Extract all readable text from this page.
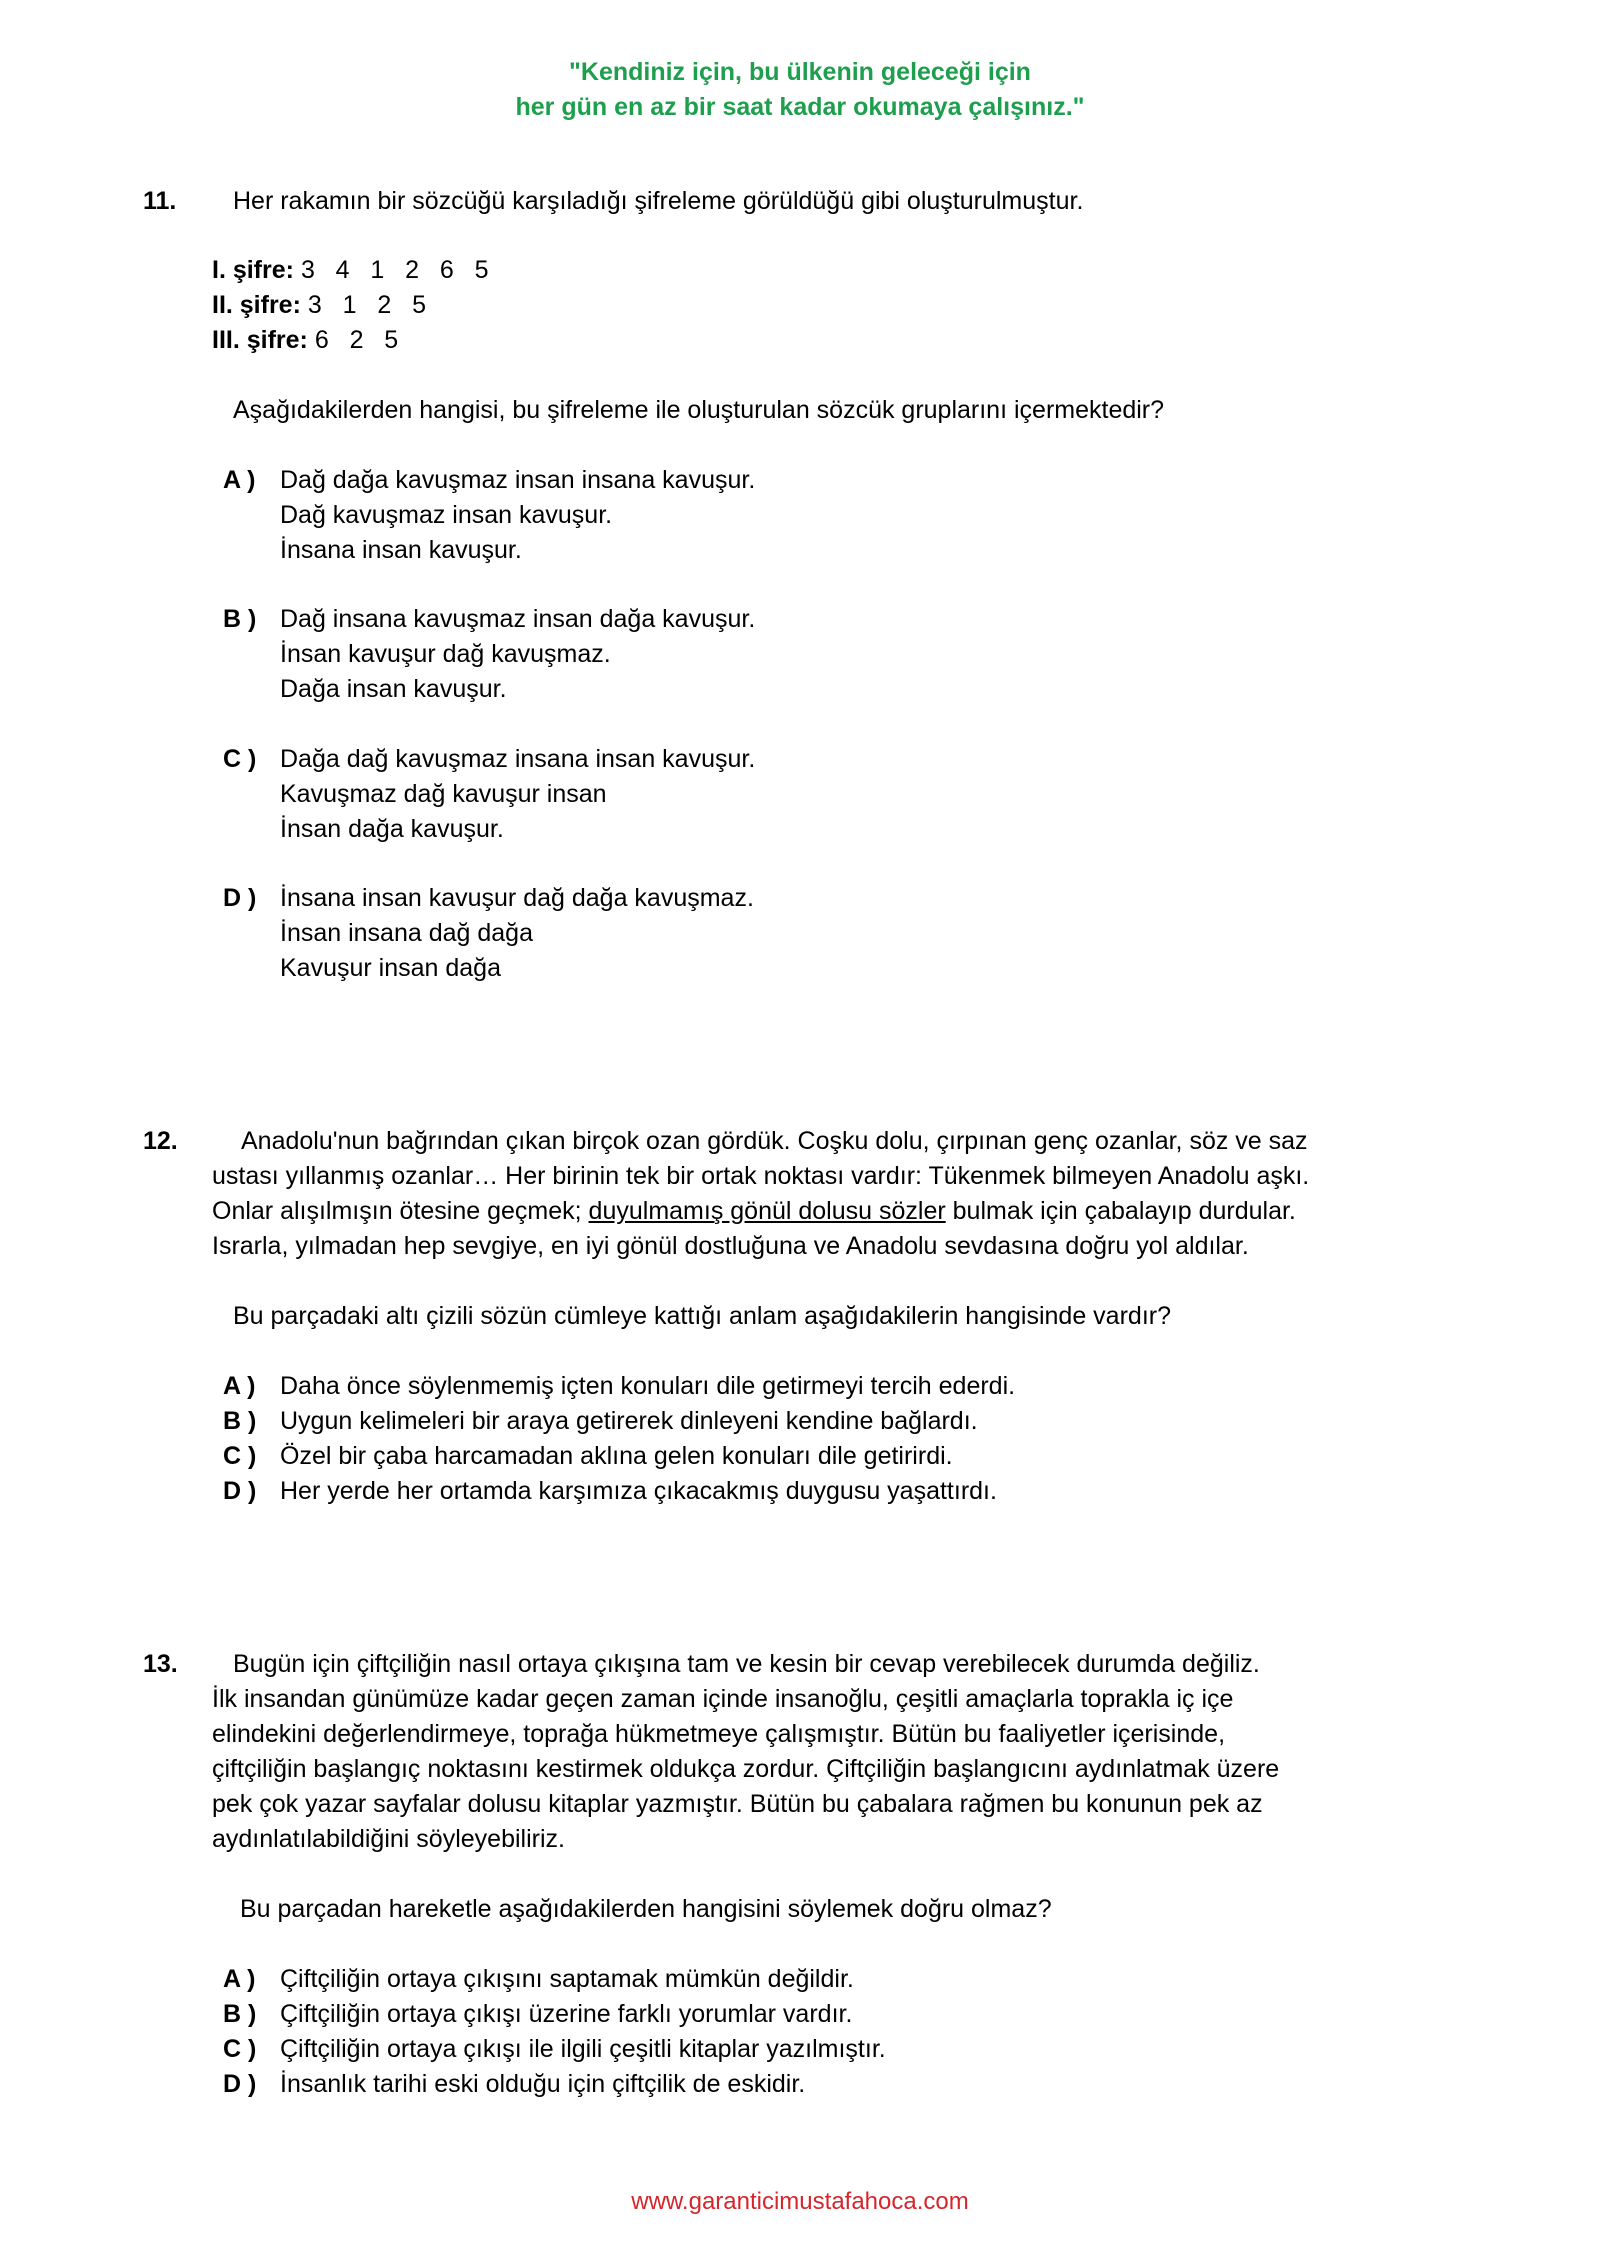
"Kendiniz için, bu ülkenin geleceği için
her gün en az bir saat kadar okumaya çalışınız."
11. Her rakamın bir sözcüğü karşıladığı şifreleme görüldüğü gibi oluşturulmuştur.
I. şifre: 3   4   1   2   6   5
II. şifre: 3   1   2   5
III. şifre: 6   2   5
Aşağıdakilerden hangisi, bu şifreleme ile oluşturulan sözcük gruplarını içermektedir?
A ) Dağ dağa kavuşmaz insan insana kavuşur.
Dağ kavuşmaz insan kavuşur.
İnsana insan kavuşur.
B ) Dağ insana kavuşmaz insan dağa kavuşur.
İnsan kavuşur dağ kavuşmaz.
Dağa insan kavuşur.
C ) Dağa dağ kavuşmaz insana insan kavuşur.
Kavuşmaz dağ kavuşur insan
İnsan dağa kavuşur.
D ) İnsana insan kavuşur dağ dağa kavuşmaz.
İnsan insana dağ dağa
Kavuşur insan dağa
12.	Anadolu'nun bağrından çıkan birçok ozan gördük. Coşku dolu, çırpınan genç ozanlar, söz ve saz
ustası yıllanmış ozanlar… Her birinin tek bir ortak noktası vardır: Tükenmek bilmeyen Anadolu aşkı.
Onlar alışılmışın ötesine geçmek; duyulmamış gönül dolusu sözler bulmak için çabalayıp durdular.
Israrla, yılmadan hep sevgiye, en iyi gönül dostluğuna ve Anadolu sevdasına doğru yol aldılar.
Bu parçadaki altı çizili sözün cümleye kattığı anlam aşağıdakilerin hangisinde vardır?
A ) Daha önce söylenmemiş içten konuları dile getirmeyi tercih ederdi.
B ) Uygun kelimeleri bir araya getirerek dinleyeni kendine bağlardı.
C ) Özel bir çaba harcamadan aklına gelen konuları dile getirirdi.
D ) Her yerde her ortamda karşımıza çıkacakmış duygusu yaşattırdı.
13. Bugün için çiftçiliğin nasıl ortaya çıkışına tam ve kesin bir cevap verebilecek durumda değiliz.
İlk insandan günümüze kadar geçen zaman içinde insanoğlu, çeşitli amaçlarla toprakla iç içe
elindekini değerlendirmeye, toprağa hükmetmeye çalışmıştır. Bütün bu faaliyetler içerisinde,
çiftçiliğin başlangıç noktasını kestirmek oldukça zordur. Çiftçiliğin başlangıcını aydınlatmak üzere
pek çok yazar sayfalar dolusu kitaplar yazmıştır. Bütün bu çabalara rağmen bu konunun pek az
aydınlatılabildiğini söyleyebiliriz.
Bu parçadan hareketle aşağıdakilerden hangisini söylemek doğru olmaz?
A ) Çiftçiliğin ortaya çıkışını saptamak mümkün değildir.
B ) Çiftçiliğin ortaya çıkışı üzerine farklı yorumlar vardır.
C ) Çiftçiliğin ortaya çıkışı ile ilgili çeşitli kitaplar yazılmıştır.
D ) İnsanlık tarihi eski olduğu için çiftçilik de eskidir.
www.garanticimustafahoca.com
